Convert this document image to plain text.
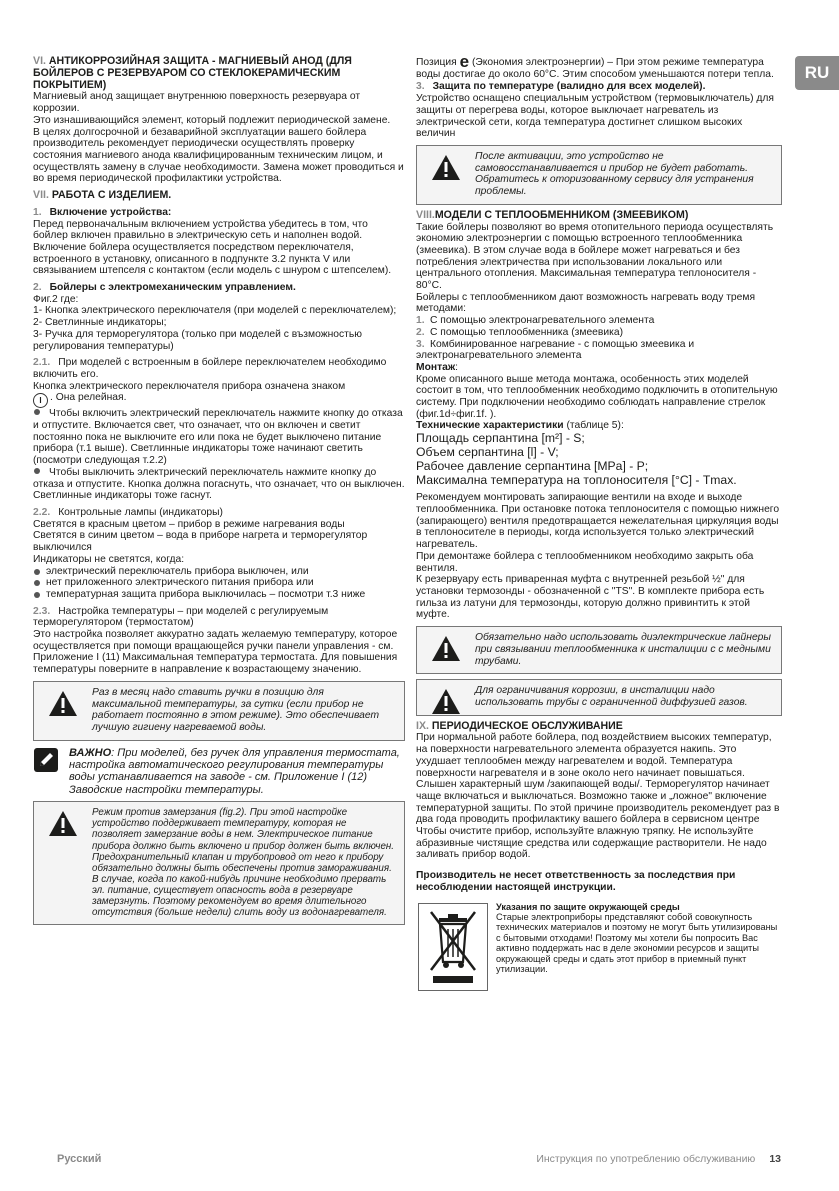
RU

VI. АНТИКОРРОЗИЙНАЯ ЗАЩИТА - МАГНИЕВЫЙ АНОД (ДЛЯ БОЙЛЕРОВ С РЕЗЕРВУАРОМ СО СТЕКЛОКЕРАМИЧЕСКИМ ПОКРЫТИЕМ)

Магниевый анод защищает внутреннюю поверхность резервуара от коррозии.

Это изнашивающийся элемент, который подлежит периодической замене.

В целях долгосрочной и безаварийной эксплуатации вашего бойлера производитель рекомендует периодически осуществлять проверку состояния магниевого анода квалифицированным техническим лицом, и осуществлять замену в случае необходимости. Замена может проводиться и во время периодической профилактики устройства.

VII. РАБОТА С ИЗДЕЛИЕМ.

1. Включение устройства:

Перед первоначальным включением устройства убедитесь в том, что бойлер включен правильно в электрическую сеть и наполнен водой. Включение бойлера осуществляется посредством переключателя, встроенного в установку, описанного в подпункте 3.2 пункта V или связыванием штепселя с контактом (если модель с шнуром с штепселем).

2. Бойлеры с электромеханическим управлением.

Фиг.2 где:

1- Кнопка электрического переключателя (при моделей с переключателем);

2- Светлинные индикаторы;

3- Ручка для терморегулятора (только при моделей с възможностью регулирования температуры)

2.1. При моделей с встроенным в бойлере переключателем необходимо включить его.

Кнопка электрического переключателя прибора означена знаком
I . Она релейная.

Чтобы включить электрический переключатель нажмите кнопку до отказа и отпустите. Включается свет, что означает, что он включен и светит постоянно пока не выключите его или пока не будет выключено питание прибора (т.1 выше). Светлинные индикаторы тоже начинают светить (посмотри следующая т.2.2)

Чтобы выключить электрический переключатель нажмите кнопку до отказа и отпустите. Кнопка должна погаснуть, что означает, что он выключен. Светлинные индикаторы тоже гаснут.

2.2. Контрольные лампы (индикаторы)

Светятся в красным цветом – прибор в режиме нагревания воды

Светятся в синим цветом – вода в приборе нагрета и терморегулятор выключился

Индикаторы не светятся, когда:

электрический переключатель прибора выключен, или

нет приложенного электрического питания прибора или

температурная защита прибора выключилась – посмотри т.3 ниже

2.3. Настройка температуры – при моделей с регулируемым терморегулятором (термостатом)

Это настройка позволяет аккуратно задать желаемую температуру, которое осуществляется при помощи вращающейся ручки панели управления - см. Приложение I (11) Максимальная температура термостата. Для повышения температуры поверните в направление к возрастающему значению.

Раз в месяц надо ставить ручки в позицию для максимальной температуры, за сутки (если прибор не работает постоянно в этом режиме). Это обеспечивает лучшую гигиену нагреваемой воды.
ВАЖНО: При моделей, без ручек для управления термостата, настройка автоматического регулирования температуры воды устанавливается на заводе - см. Приложение I (12) Заводские настройки температуры.

Режим против замерзания (fig.2). При этой настройке устройство поддерживает температуру, которая не позволяет замерзание воды в нем. Электрическое питание прибора должно быть включено и прибор должен быть включен. Предохранительный клапан и трубопровод от него к прибору обязательно должны быть обеспечены против замораживания.

В случае, когда по какой-нибудь причине необходимо прервать эл. питание, существует опасность вода в резервуаре замерзнуть. Поэтому рекомендуем во время длительного отсутствия (больше недели) слить воду из водонагревателя.

Позиция e (Экономия электроэнергии) – При этом режиме температура воды достигае до около 60°C. Этим способом уменьшаются потери тепла.

3. Защита по температуре (валидно для всех моделей).

Устройство оснащено специальным устройством (термовыключатель) для защиты от перегрева воды, которое выключает нагреватель из электрической сети, когда температура достигнет слишком высоких величин

После активации, это устройство не самовосстанавливается и прибор не будет работать. Обратитесь к оторизованному сервису для устранения проблемы.

VIII.МОДЕЛИ С ТЕПЛООБМЕННИКОМ (ЗМЕЕВИКОМ)

Такие бойлеры позволяют во время отопительного периода осуществлять экономию электроэнергии с помощью встроенного теплообменника (змеевика). В этом случае вода в бойлере может нагреваться и без потребления электричества при использовании локального или центрального отопления. Максимальная температура теплоносителя - 80°C.

Бойлеры с теплообменником дают возможность нагревать воду тремя методами:

1. С помощью электронагревательного элемента

2. С помощью теплообменника (змеевика)

3. Комбинированное нагревание - с помощью змеевика и электронагревательного элемента

Монтаж:

Кроме описанного выше метода монтажа, особенность этих моделей состоит в том, что теплообменник необходимо подключить в отопительную систему. При подключении необходимо соблюдать направление стрелок (фиг.1d÷фиг.1f. ).

Технические характеристики (таблице 5):

Площадь серпантина [m²] - S;

Объем серпантина [l] - V;

Рабочее давление серпантина [MPa] - P;

Максимална температура на топлоносителя [°C] - Tmax.

Рекомендуем монтировать запирающие вентили на входе и выходе теплообменника. При остановке потока теплоносителя с помощью нижнего (запирающего) вентиля предотвращается нежелательная циркуляция воды в теплоносителе в периоды, когда используется только электрический нагреватель.

При демонтаже бойлера с теплообменником необходимо закрыть оба вентиля.

К резервуару есть приваренная муфта с внутренней резьбой ½" для установки термозонды - обозначенной с "TS". В комплекте прибора есть гильза из латуни для термозонды, которую должно привинтить к этой муфте.

Обязательно надо использовать диэлектрические лайнеры при связывании теплообменника к инсталиции с с медными трубами.
Для ограничивания коррозии, в инсталиции надо использовать трубы с ограниченной диффузией газов.

IX. ПЕРИОДИЧЕСКОЕ ОБСЛУЖИВАНИЕ

При нормальной работе бойлера, под воздействием высоких температур, на поверхности нагревательного элемента образуется накипь. Это ухудшает теплообмен между нагревателем и водой. Температура поверхности нагревателя и в зоне около него начинает повышаться. Слышен характерный шум /закипающей воды/. Терморегулятор начинает чаще включаться и выключаться. Возможно также и „ложное" включение температурной защиты. По этой причине производитель рекомендует раз в два года проводить профилактику вашего бойлера в сервисном центре Чтобы очистите прибор, используйте влажную тряпку. Не используйте абразивные чистящие средства или содержащие растворители. Не надо заливать прибор водой.

Производитель не несет ответственность за последствия при несоблюдении настоящей инструкции.

Указания по защите окружающей среды

Старые электроприборы представляют собой совокупность технических материалов и поэтому не могут быть утилизированы с бытовыми отходами! Поэтому мы хотели бы попросить Вас активно поддержать нас в деле экономии ресурсов и защиты окружающей среды и сдать этот прибор в приемный пункт утилизации.

Русский	Инструкция по употреблению обслуживанию 13
